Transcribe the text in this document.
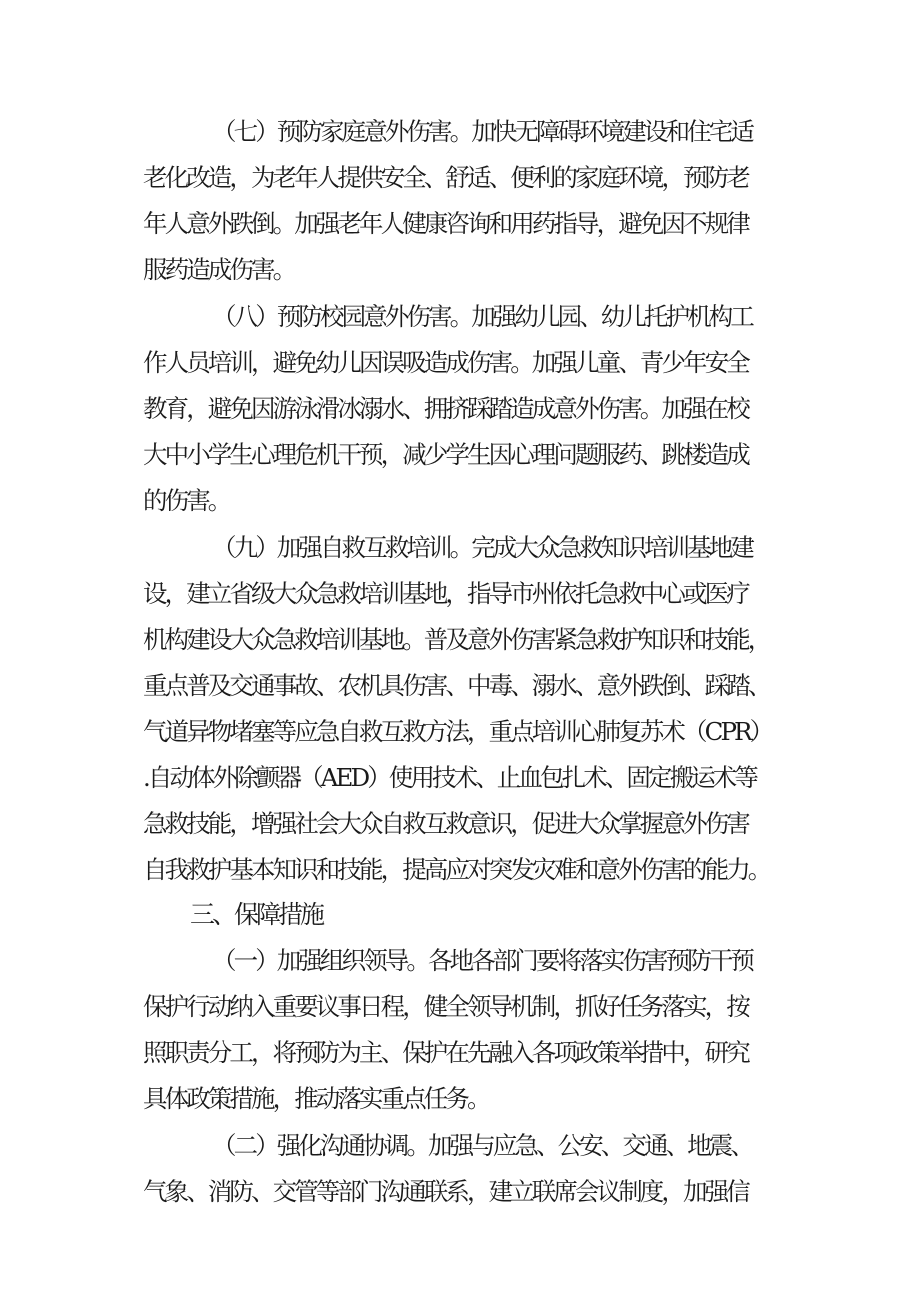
（七）预防家庭意外伤害。加快无障碍环境建设和住宅适
老化改造，为老年人提供安全、舒适、便利的家庭环境，预防老
年人意外跌倒。加强老年人健康咨询和用药指导，避免因不规律
服药造成伤害。
（八）预防校园意外伤害。加强幼儿园、幼儿托护机构工
作人员培训，避免幼儿因误吸造成伤害。加强儿童、青少年安全
教育，避免因游泳滑冰溺水、拥挤踩踏造成意外伤害。加强在校
大中小学生心理危机干预，减少学生因心理问题服药、跳楼造成
的伤害。
（九）加强自救互救培训。完成大众急救知识培训基地建
设，建立省级大众急救培训基地，指导市州依托急救中心或医疗
机构建设大众急救培训基地。普及意外伤害紧急救护知识和技能，
重点普及交通事故、农机具伤害、中毒、溺水、意外跌倒、踩踏、
气道异物堵塞等应急自救互救方法，重点培训心肺复苏术（CPR）
.自动体外除颤器（AED）使用技术、止血包扎术、固定搬运术等
急救技能，增强社会大众自救互救意识，促进大众掌握意外伤害
自我救护基本知识和技能，提高应对突发灾难和意外伤害的能力。
三、保障措施
（一）加强组织领导。各地各部门要将落实伤害预防干预
保护行动纳入重要议事日程，健全领导机制，抓好任务落实，按
照职责分工，将预防为主、保护在先融入各项政策举措中，研究
具体政策措施，推动落实重点任务。
（二）强化沟通协调。加强与应急、公安、交通、地震、
气象、消防、交管等部门沟通联系，建立联席会议制度，加强信
